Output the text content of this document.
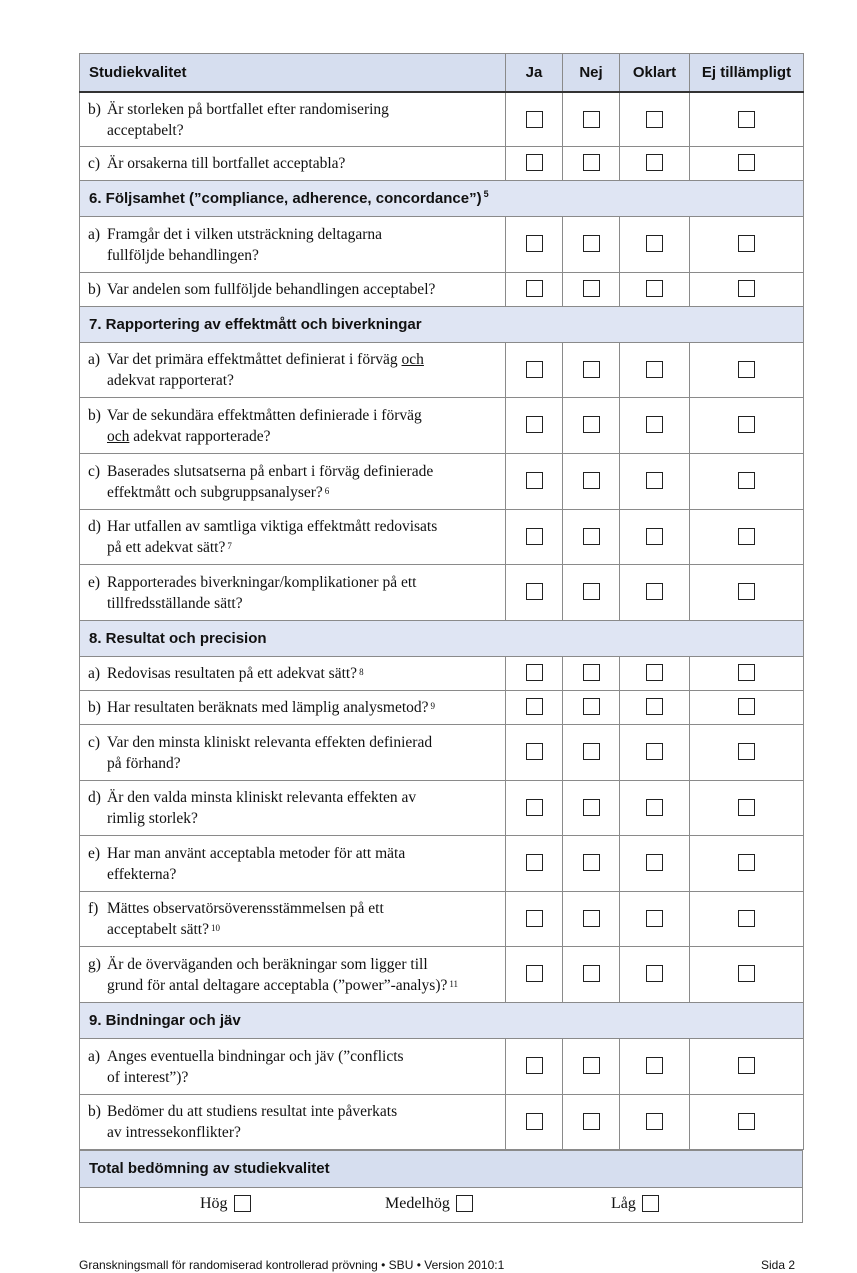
Studiekvalitet	Ja	Nej	Oklart	Ej tillämpligt

b) Är storleken på bortfallet efter randomisering
acceptabelt?				

c) Är orsakerna till bortfallet acceptabla?				

6. Följsamhet (”compliance, adherence, concordance”) $^5$

a) Framgår det i vilken utsträckning deltagarna
fullföljde behandlingen?				

b) Var andelen som fullföljde behandlingen acceptabel?				

7. Rapportering av effektmått och biverkningar				

a) Var det primära effektmåttet definierat i förväg och
adekvat rapporterat?				

b) Var de sekundära effektmåtten definierade i förväg
och adekvat rapporterade?				

c) Baserades slutsatserna på enbart i förväg definierade
effektmått och subgruppsanalyser? $^6$

d) Har utfallen av samtliga viktiga effektmått redovisats
på ett adekvat sätt? $^7$

e) Rapporterades biverkningar/komplikationer på ett
tillfredsställande sätt?				

8. Resultat och precision				

a) Redovisas resultaten på ett adekvat sätt? $^8$

b) Har resultaten beräknats med lämplig analysmetod? $^9$

c) Var den minsta kliniskt relevanta effekten definierad
på förhand?				

d) Är den valda minsta kliniskt relevanta effekten av
rimlig storlek?				

e) Har man använt acceptabla metoder för att mäta
effekterna?				

f) Mättes observatörsöverensstämmelsen på ett
acceptabelt sätt? $^{10}$

g) Är de överväganden och beräkningar som ligger till
grund för antal deltagare acceptabla (”power”-analys)? $^{11}$

9. Bindningar och jäv				

a) Anges eventuella bindningar och jäv (”conflicts
of interest”)?				

b) Bedömer du att studiens resultat inte påverkats
av intressekonflikter?				

Total bedömning av studiekvalitet

Hög	Medelhög	Låg
Granskningsmall för randomiserad kontrollerad prövning • SBU • Version 2010:1	Sida 2
